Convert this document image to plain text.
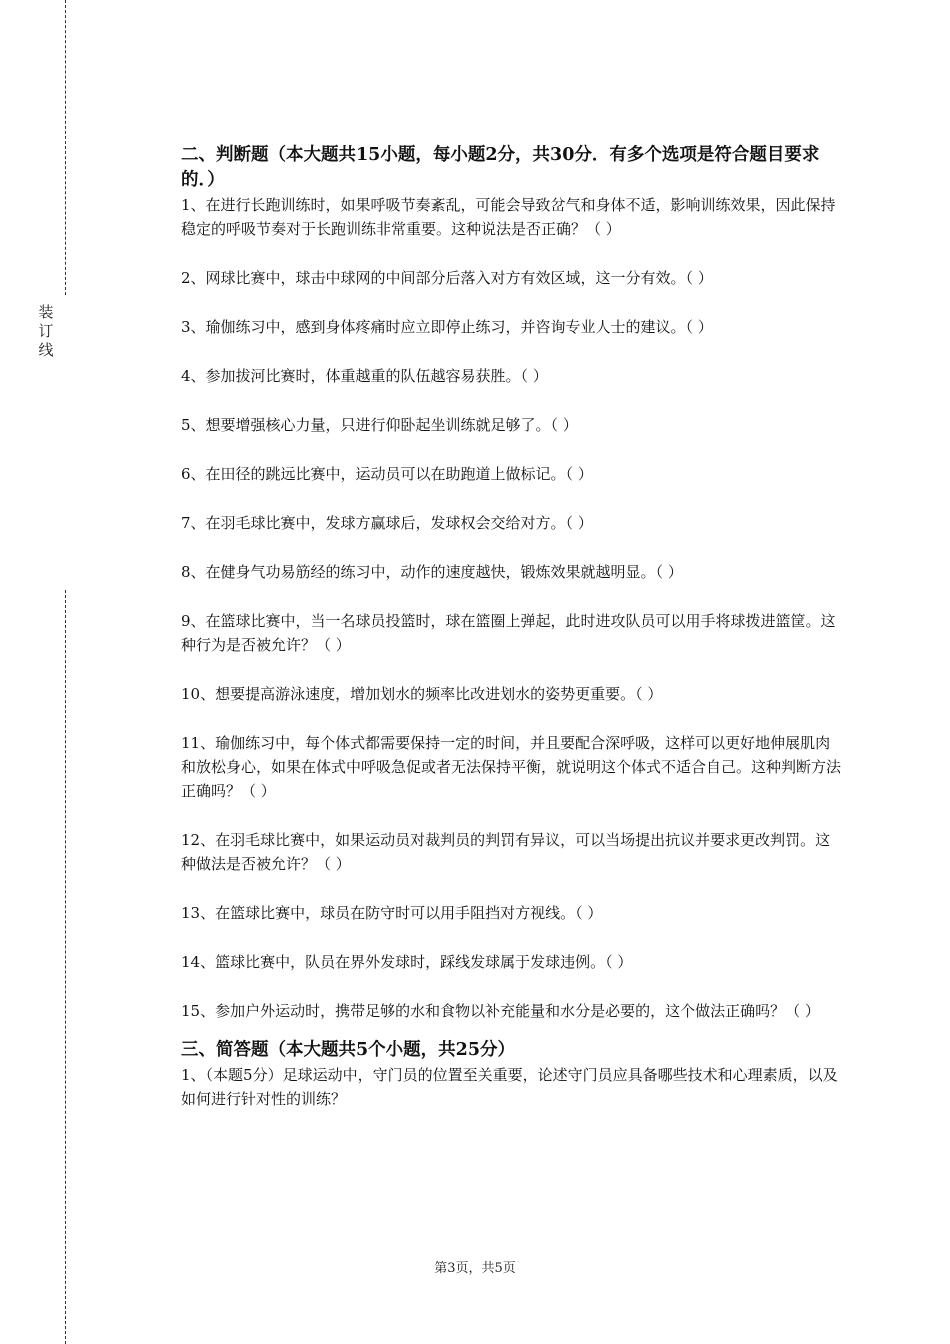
装
订
线

二、判断题（本大题共15小题，每小题2分，共30分．有多个选项是符合题目要求的．）

1、在进行长跑训练时，如果呼吸节奏紊乱，可能会导致岔气和身体不适，影响训练效果，因此保持稳定的呼吸节奏对于长跑训练非常重要。这种说法是否正确？（ ）

2、网球比赛中，球击中球网的中间部分后落入对方有效区域，这一分有效。（ ）

3、瑜伽练习中，感到身体疼痛时应立即停止练习，并咨询专业人士的建议。（ ）

4、参加拔河比赛时，体重越重的队伍越容易获胜。（ ）

5、想要增强核心力量，只进行仰卧起坐训练就足够了。（ ）

6、在田径的跳远比赛中，运动员可以在助跑道上做标记。（ ）

7、在羽毛球比赛中，发球方赢球后，发球权会交给对方。（ ）

8、在健身气功易筋经的练习中，动作的速度越快，锻炼效果就越明显。（ ）

9、在篮球比赛中，当一名球员投篮时，球在篮圈上弹起，此时进攻队员可以用手将球拨进篮筐。这种行为是否被允许？（ ）

10、想要提高游泳速度，增加划水的频率比改进划水的姿势更重要。（ ）

11、瑜伽练习中，每个体式都需要保持一定的时间，并且要配合深呼吸，这样可以更好地伸展肌肉和放松身心，如果在体式中呼吸急促或者无法保持平衡，就说明这个体式不适合自己。这种判断方法正确吗？（ ）

12、在羽毛球比赛中，如果运动员对裁判员的判罚有异议，可以当场提出抗议并要求更改判罚。这种做法是否被允许？（ ）

13、在篮球比赛中，球员在防守时可以用手阻挡对方视线。（ ）

14、篮球比赛中，队员在界外发球时，踩线发球属于发球违例。（ ）

15、参加户外运动时，携带足够的水和食物以补充能量和水分是必要的，这个做法正确吗？（ ）

三、简答题（本大题共5个小题，共25分）

1、（本题5分）足球运动中，守门员的位置至关重要，论述守门员应具备哪些技术和心理素质，以及如何进行针对性的训练？

第3页，共5页
